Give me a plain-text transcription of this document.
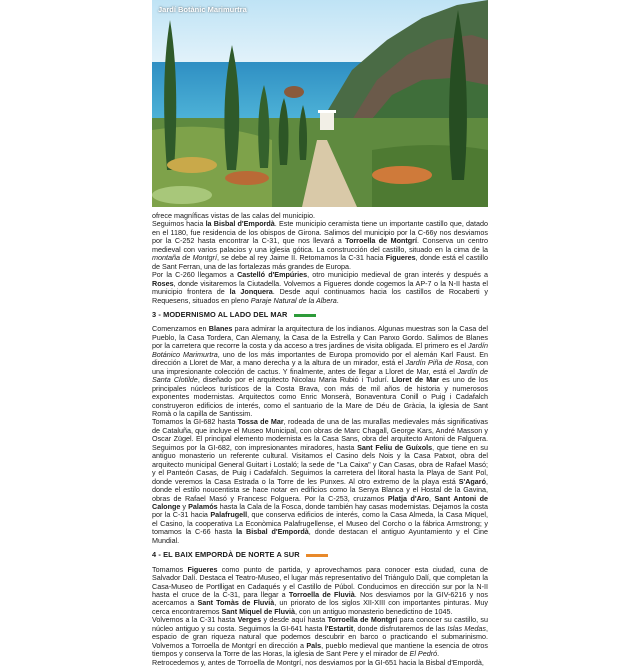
Jardí Botànic Marimurtra

ofrece magníficas vistas de las calas del municipio.

Seguimos hacia la Bisbal d'Empordà. Este municipio ceramista tiene un importante castillo que, datado en el 1180, fue residencia de los obispos de Girona. Salimos del municipio por la C-66y nos desviamos por la C-252 hasta encontrar la C-31, que nos llevará a Torroella de Montgrí. Conserva un centro medieval con varios palacios y una iglesia gótica. La construcción del castillo, situado en la cima de la montaña de Montgrí, se debe al rey Jaime II. Retomamos la C-31 hacia Figueres, donde está el castillo de Sant Ferran, una de las fortalezas más grandes de Europa.

Por la C-260 llegamos a Castelló d'Empúries, otro municipio medieval de gran interés y después a Roses, donde visitaremos la Ciutadella. Volvemos a Figueres donde cogemos la AP-7 o la N-II hasta el municipio frontera de la Jonquera. Desde aquí continuamos hacia los castillos de Rocaberti y Requesens, situados en pleno Paraje Natural de la Albera.

3 - MODERNISMO AL LADO DEL MAR

Comenzamos en Blanes para admirar la arquitectura de los indianos. Algunas muestras son la Casa del Pueblo, la Casa Tordera, Can Alemany, la Casa de la Estrella y Can Panxo Gordo. Salimos de Blanes por la carretera que recorre la costa y da acceso a tres jardines de visita obligada. El primero es el Jardín Botánico Marimurtra, uno de los más importantes de Europa promovido por el alemán Karl Faust. En dirección a Lloret de Mar, a mano derecha y a la altura de un mirador, está el Jardín Piña de Rosa, con una impresionante colección de cactus. Y finalmente, antes de llegar a Lloret de Mar, está el Jardín de Santa Clotilde, diseñado por el arquitecto Nicolau Maria Rubió i Tudurí. Lloret de Mar es uno de los principales núcleos turísticos de la Costa Brava, con más de mil años de historia y numerosos exponentes modernistas. Arquitectos como Enric Monserà, Bonaventura Conill o Puig i Cadafalch construyeron edificios de interés, como el santuario de la Mare de Déu de Gràcia, la iglesia de Sant Romà o la capilla de Santissim.

Tomamos la GI-682 hasta Tossa de Mar, rodeada de una de las murallas medievales más significativas de Cataluña, que incluye el Museo Municipal, con obras de Marc Chagall, George Kars, André Masson y Oscar Zügel. El principal elemento modernista es la Casa Sans, obra del arquitecto Antoni de Falguera. Seguimos por la GI-682, con impresionantes miradores, hasta Sant Feliu de Guíxols, que tiene en su antiguo monasterio un referente cultural. Visitamos el Casino dels Nois y la Casa Patxot, obra del arquitecto municipal General Guitart i Lostaló; la sede de "La Caixa" y Can Casas, obra de Rafael Masó; y el Panteón Casas, de Puig i Cadafalch. Seguimos la carretera del litoral hasta la Playa de Sant Pol, donde veremos la Casa Estrada o la Torre de les Punxes. Al otro extremo de la playa está S'Agaró, donde el estilo noucentista se hace notar en edificios como la Senya Blanca y el Hostal de la Gavina, obras de Rafael Masó y Francesc Folguera. Por la C-253, cruzamos Platja d'Aro, Sant Antoni de Calonge y Palamós hasta la Cala de la Fosca, donde también hay casas modernistas. Dejamos la costa por la C-31 hacia Palafrugell, que conserva edificios de interés, como la Casa Almeda, la Casa Miquel, el Casino, la cooperativa La Econòmica Palafrugellense, el Museo del Corcho o la fábrica Armstrong; y tomamos la C-66 hasta la Bisbal d'Empordà, donde destacan el antiguo Ayuntamiento y el Cine Mundial.

4 - EL BAIX EMPORDÀ DE NORTE A SUR

Tomamos Figueres como punto de partida, y aprovechamos para conocer esta ciudad, cuna de Salvador Dalí. Destaca el Teatro-Museo, el lugar más representativo del Triángulo Dalí, que completan la Casa-Museo de Portlligat en Cadaqués y el Castillo de Púbol. Conducimos en dirección sur por la N-II hasta el cruce de la C-31, para llegar a Torroella de Fluvià. Nos desviamos por la GIV-6216 y nos acercamos a Sant Tomàs de Fluvià, un priorato de los siglos XII-XIII con importantes pinturas. Muy cerca encontraremos Sant Miquel de Fluvià, con un antiguo monasterio benedictino de 1045.

Volvemos a la C-31 hasta Verges y desde aquí hasta Torroella de Montgrí para conocer su castillo, su núcleo antiguo y su costa. Seguimos la GI-641 hasta l'Estartit, donde disfrutaremos de las Islas Medas, espacio de gran riqueza natural que podemos descubrir en barco o practicando el submarinismo. Volvemos a Torroella de Montgrí en dirección a Pals, pueblo medieval que mantiene la esencia de otros tiempos y conserva la Torre de las Horas, la iglesia de Sant Pere y el mirador de El Pedró.

Retrocedemos y, antes de Torroella de Montgrí, nos desviamos por la GI-651 hacia la Bisbal d'Empordà,
